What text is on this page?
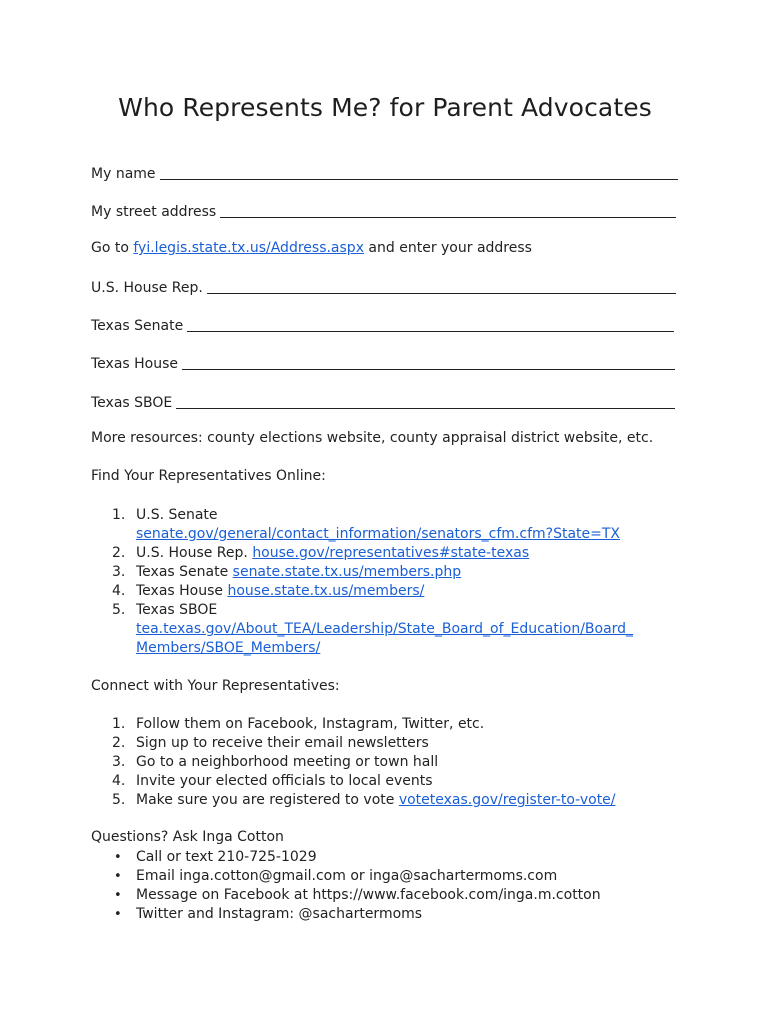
Who Represents Me? for Parent Advocates
My name
My street address
Go to fyi.legis.state.tx.us/Address.aspx and enter your address
U.S. House Rep.
Texas Senate
Texas House
Texas SBOE
More resources: county elections website, county appraisal district website, etc.
Find Your Representatives Online:
1. U.S. Senate
senate.gov/general/contact_information/senators_cfm.cfm?State=TX
2. U.S. House Rep. house.gov/representatives#state-texas
3. Texas Senate senate.state.tx.us/members.php
4. Texas House house.state.tx.us/members/
5. Texas SBOE
tea.texas.gov/About_TEA/Leadership/State_Board_of_Education/Board_
Members/SBOE_Members/
Connect with Your Representatives:
1. Follow them on Facebook, Instagram, Twitter, etc.
2. Sign up to receive their email newsletters
3. Go to a neighborhood meeting or town hall
4. Invite your elected officials to local events
5. Make sure you are registered to vote votetexas.gov/register-to-vote/
Questions? Ask Inga Cotton
• Call or text 210-725-1029
• Email inga.cotton@gmail.com or inga@sachartermoms.com
• Message on Facebook at https://www.facebook.com/inga.m.cotton
• Twitter and Instagram: @sachartermoms
